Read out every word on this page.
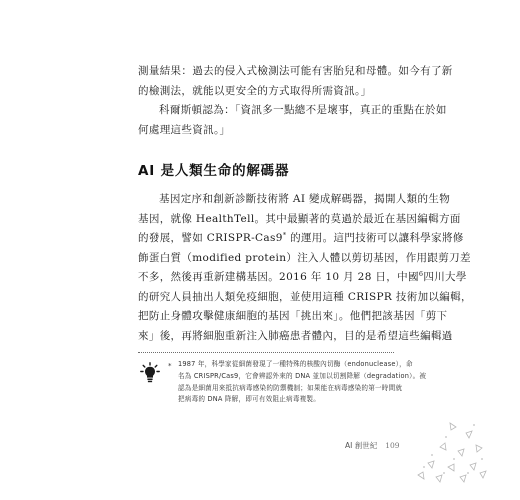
測量結果：過去的侵入式檢測法可能有害胎兒和母體。如今有了新
的檢測法，就能以更安全的方式取得所需資訊。」
科爾斯頓認為：「資訊多一點總不是壞事，真正的重點在於如
何處理這些資訊。」
AI 是人類生命的解碼器
基因定序和創新診斷技術將 AI 變成解碼器，揭開人類的生物
基因，就像 HealthTell。其中最顯著的莫過於最近在基因編輯方面
的發展，譬如 CRISPR-Cas9* 的運用。這門技術可以讓科學家將修
飾蛋白質（modified protein）注入人體以剪切基因，作用跟剪刀差
不多，然後再重新建構基因。2016 年 10 月 28 日，中國$^6$四川大學
的研究人員抽出人類免疫細胞，並使用這種 CRISPR 技術加以編輯，
把防止身體攻擊健康細胞的基因「挑出來」。他們把該基因「剪下
來」後，再將細胞重新注入肺癌患者體內，目的是希望這些編輯過
* 1987 年，科學家從細菌發現了一種特殊的核酸內切酶（endonuclease），命
名為 CRISPR/Cas9，它會辨認外來的 DNA 並加以切割降解（degradation）。被
認為是細菌用來抵抗病毒感染的防禦機制；如果能在病毒感染的第一時間就
把病毒的 DNA 降解，即可有效阻止病毒複製。
AI 創世紀 109
